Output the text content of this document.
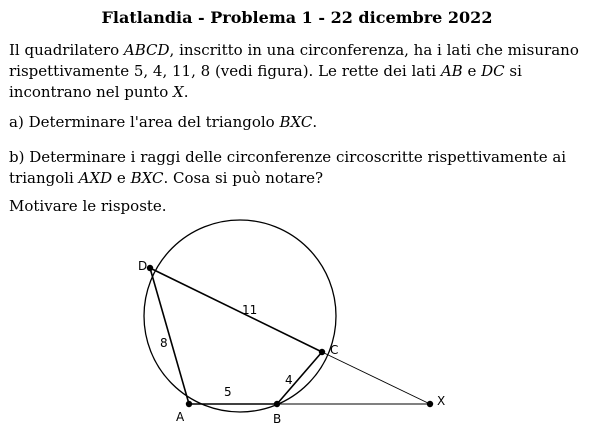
Flatlandia - Problema 1 - 22 dicembre 2022

Il quadrilatero ABCD, inscritto in una circonferenza, ha i lati che misurano rispettivamente 5, 4, 11, 8 (vedi figura). Le rette dei lati AB e DC si incontrano nel punto X.

a) Determinare l'area del triangolo BXC.

b) Determinare i raggi delle circonferenze circoscritte rispettivamente ai triangoli AXD e BXC. Cosa si può notare?

Motivare le risposte.

D
A	B
C
X
5
4
11
8
